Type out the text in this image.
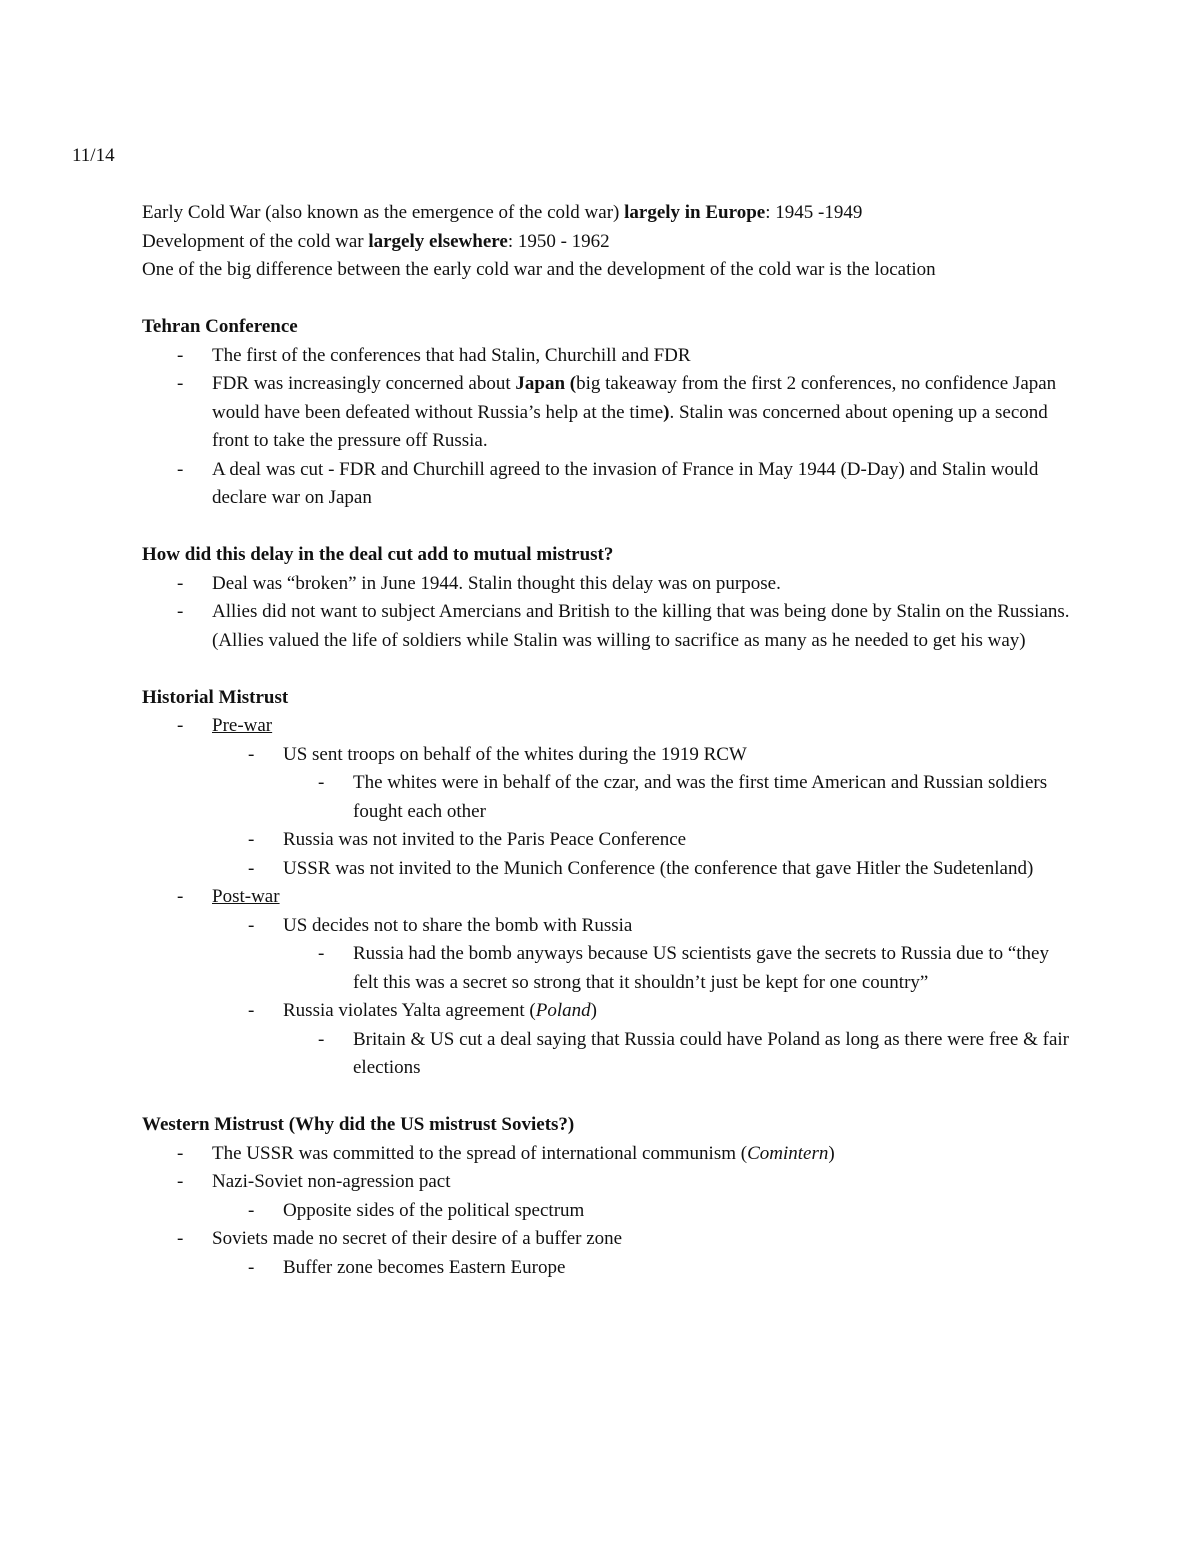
11/14

Early Cold War (also known as the emergence of the cold war) largely in Europe: 1945 -1949

Development of the cold war largely elsewhere: 1950 - 1962

One of the big difference between the early cold war and the development of the cold war is the location

Tehran Conference

- The first of the conferences that had Stalin, Churchill and FDR
- FDR was increasingly concerned about Japan (big takeaway from the first 2 conferences, no confidence Japan would have been defeated without Russia’s help at the time). Stalin was concerned about opening up a second front to take the pressure off Russia.
- A deal was cut - FDR and Churchill agreed to the invasion of France in May 1944 (D-Day) and Stalin would declare war on Japan

How did this delay in the deal cut add to mutual mistrust?

- Deal was “broken” in June 1944. Stalin thought this delay was on purpose.
- Allies did not want to subject Amercians and British to the killing that was being done by Stalin on the Russians. (Allies valued the life of soldiers while Stalin was willing to sacrifice as many as he needed to get his way)

Historial Mistrust

- Pre-war
- US sent troops on behalf of the whites during the 1919 RCW
- The whites were in behalf of the czar, and was the first time American and Russian soldiers fought each other
- Russia was not invited to the Paris Peace Conference
- USSR was not invited to the Munich Conference (the conference that gave Hitler the Sudetenland)
- Post-war
- US decides not to share the bomb with Russia
- Russia had the bomb anyways because US scientists gave the secrets to Russia due to “they felt this was a secret so strong that it shouldn’t just be kept for one country”
- Russia violates Yalta agreement (Poland)
- Britain & US cut a deal saying that Russia could have Poland as long as there were free & fair elections

Western Mistrust (Why did the US mistrust Soviets?)

- The USSR was committed to the spread of international communism (Comintern)
- Nazi-Soviet non-agression pact
- Opposite sides of the political spectrum
- Soviets made no secret of their desire of a buffer zone
- Buffer zone becomes Eastern Europe
